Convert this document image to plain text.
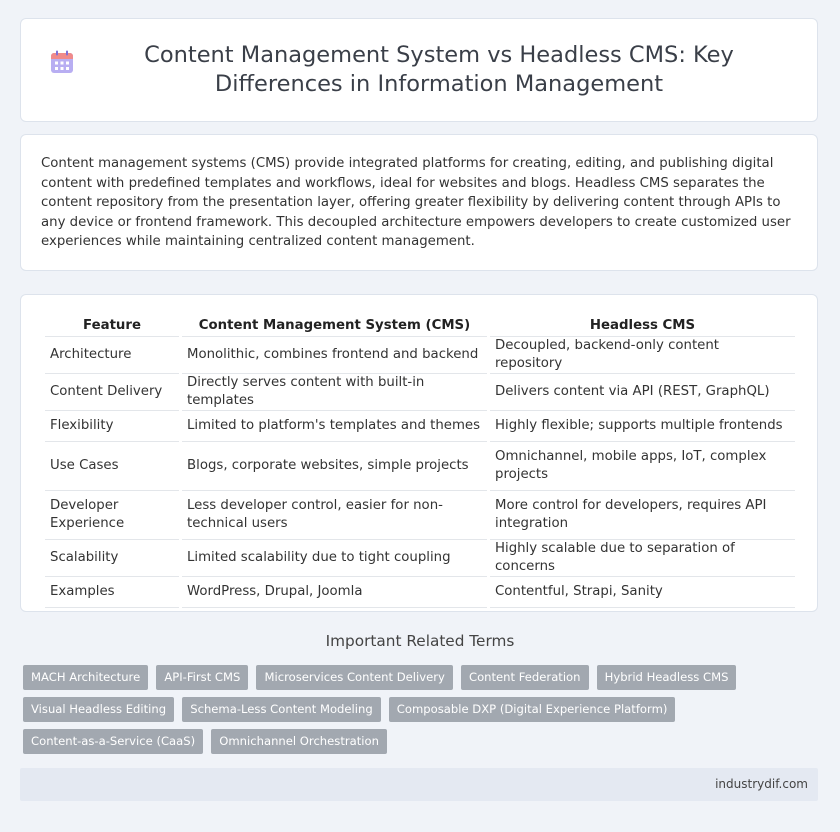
Content Management System vs Headless CMS: Key Differences in Information Management

Content management systems (CMS) provide integrated platforms for creating, editing, and publishing digital content with predefined templates and workflows, ideal for websites and blogs. Headless CMS separates the content repository from the presentation layer, offering greater flexibility by delivering content through APIs to any device or frontend framework. This decoupled architecture empowers developers to create customized user experiences while maintaining centralized content management.

Feature	Content Management System (CMS)	Headless CMS
Architecture	Monolithic, combines frontend and backend	Decoupled, backend-only content repository
Content Delivery	Directly serves content with built-in templates	Delivers content via API (REST, GraphQL)
Flexibility	Limited to platform's templates and themes	Highly flexible; supports multiple frontends
Use Cases	Blogs, corporate websites, simple projects	Omnichannel, mobile apps, IoT, complex projects
Developer Experience	Less developer control, easier for non-technical users	More control for developers, requires API integration
Scalability	Limited scalability due to tight coupling	Highly scalable due to separation of concerns
Examples	WordPress, Drupal, Joomla	Contentful, Strapi, Sanity
Important Related Terms
MACH Architecture API-First CMS Microservices Content Delivery Content Federation Hybrid Headless CMS Visual Headless Editing Schema-Less Content Modeling Composable DXP (Digital Experience Platform) Content-as-a-Service (CaaS) Omnichannel Orchestration
industrydif.com
